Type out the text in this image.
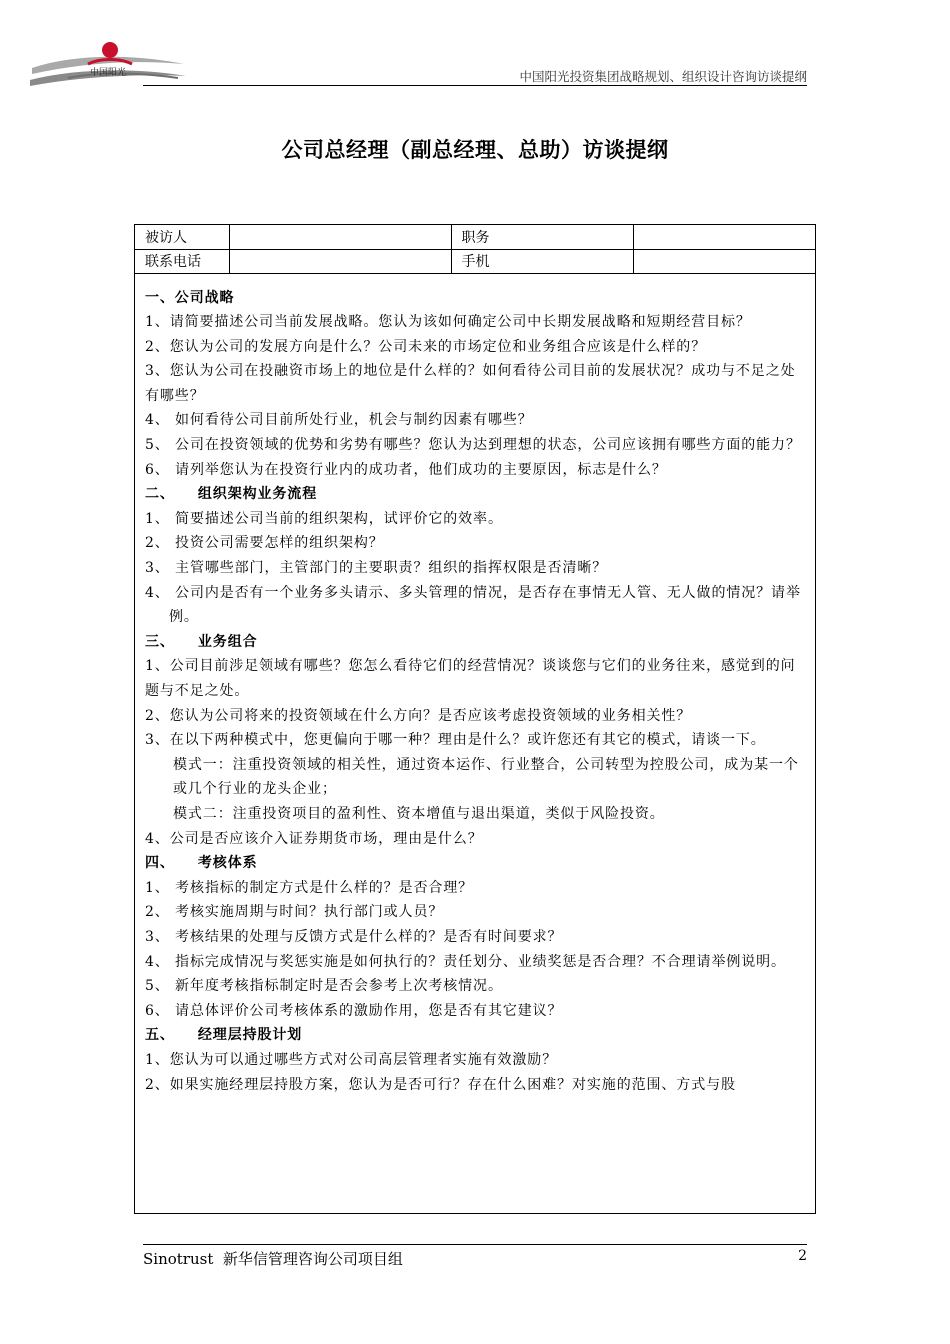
中国阳光	中国阳光投资集团战略规划、组织设计咨询访谈提纲
公司总经理（副总经理、总助）访谈提纲
被访人		职务	
联系电话		手机	

一、公司战略

1、请简要描述公司当前发展战略。您认为该如何确定公司中长期发展战略和短期经营目标？

2、您认为公司的发展方向是什么？公司未来的市场定位和业务组合应该是什么样的？

3、您认为公司在投融资市场上的地位是什么样的？如何看待公司目前的发展状况？成功与不足之处有哪些？

4、 如何看待公司目前所处行业，机会与制约因素有哪些？

5、 公司在投资领域的优势和劣势有哪些？您认为达到理想的状态，公司应该拥有哪些方面的能力？

6、 请列举您认为在投资行业内的成功者，他们成功的主要原因，标志是什么？

二、    组织架构业务流程

1、 简要描述公司当前的组织架构，试评价它的效率。

2、 投资公司需要怎样的组织架构？

3、 主管哪些部门，主管部门的主要职责？组织的指挥权限是否清晰？

4、 公司内是否有一个业务多头请示、多头管理的情况，是否存在事情无人管、无人做的情况？请举例。

三、    业务组合

1、公司目前涉足领域有哪些？您怎么看待它们的经营情况？谈谈您与它们的业务往来，感觉到的问题与不足之处。

2、您认为公司将来的投资领域在什么方向？是否应该考虑投资领域的业务相关性？

3、在以下两种模式中，您更偏向于哪一种？理由是什么？或许您还有其它的模式，请谈一下。

模式一：注重投资领域的相关性，通过资本运作、行业整合，公司转型为控股公司，成为某一个或几个行业的龙头企业；

模式二：注重投资项目的盈利性、资本增值与退出渠道，类似于风险投资。

4、公司是否应该介入证券期货市场，理由是什么？

四、    考核体系

1、 考核指标的制定方式是什么样的？是否合理？

2、 考核实施周期与时间？执行部门或人员？

3、 考核结果的处理与反馈方式是什么样的？是否有时间要求？

4、 指标完成情况与奖惩实施是如何执行的？责任划分、业绩奖惩是否合理？不合理请举例说明。

5、 新年度考核指标制定时是否会参考上次考核情况。

6、 请总体评价公司考核体系的激励作用，您是否有其它建议？

五、    经理层持股计划

1、您认为可以通过哪些方式对公司高层管理者实施有效激励？

2、如果实施经理层持股方案，您认为是否可行？存在什么困难？对实施的范围、方式与股

Sinotrust  新华信管理咨询公司项目组	2
